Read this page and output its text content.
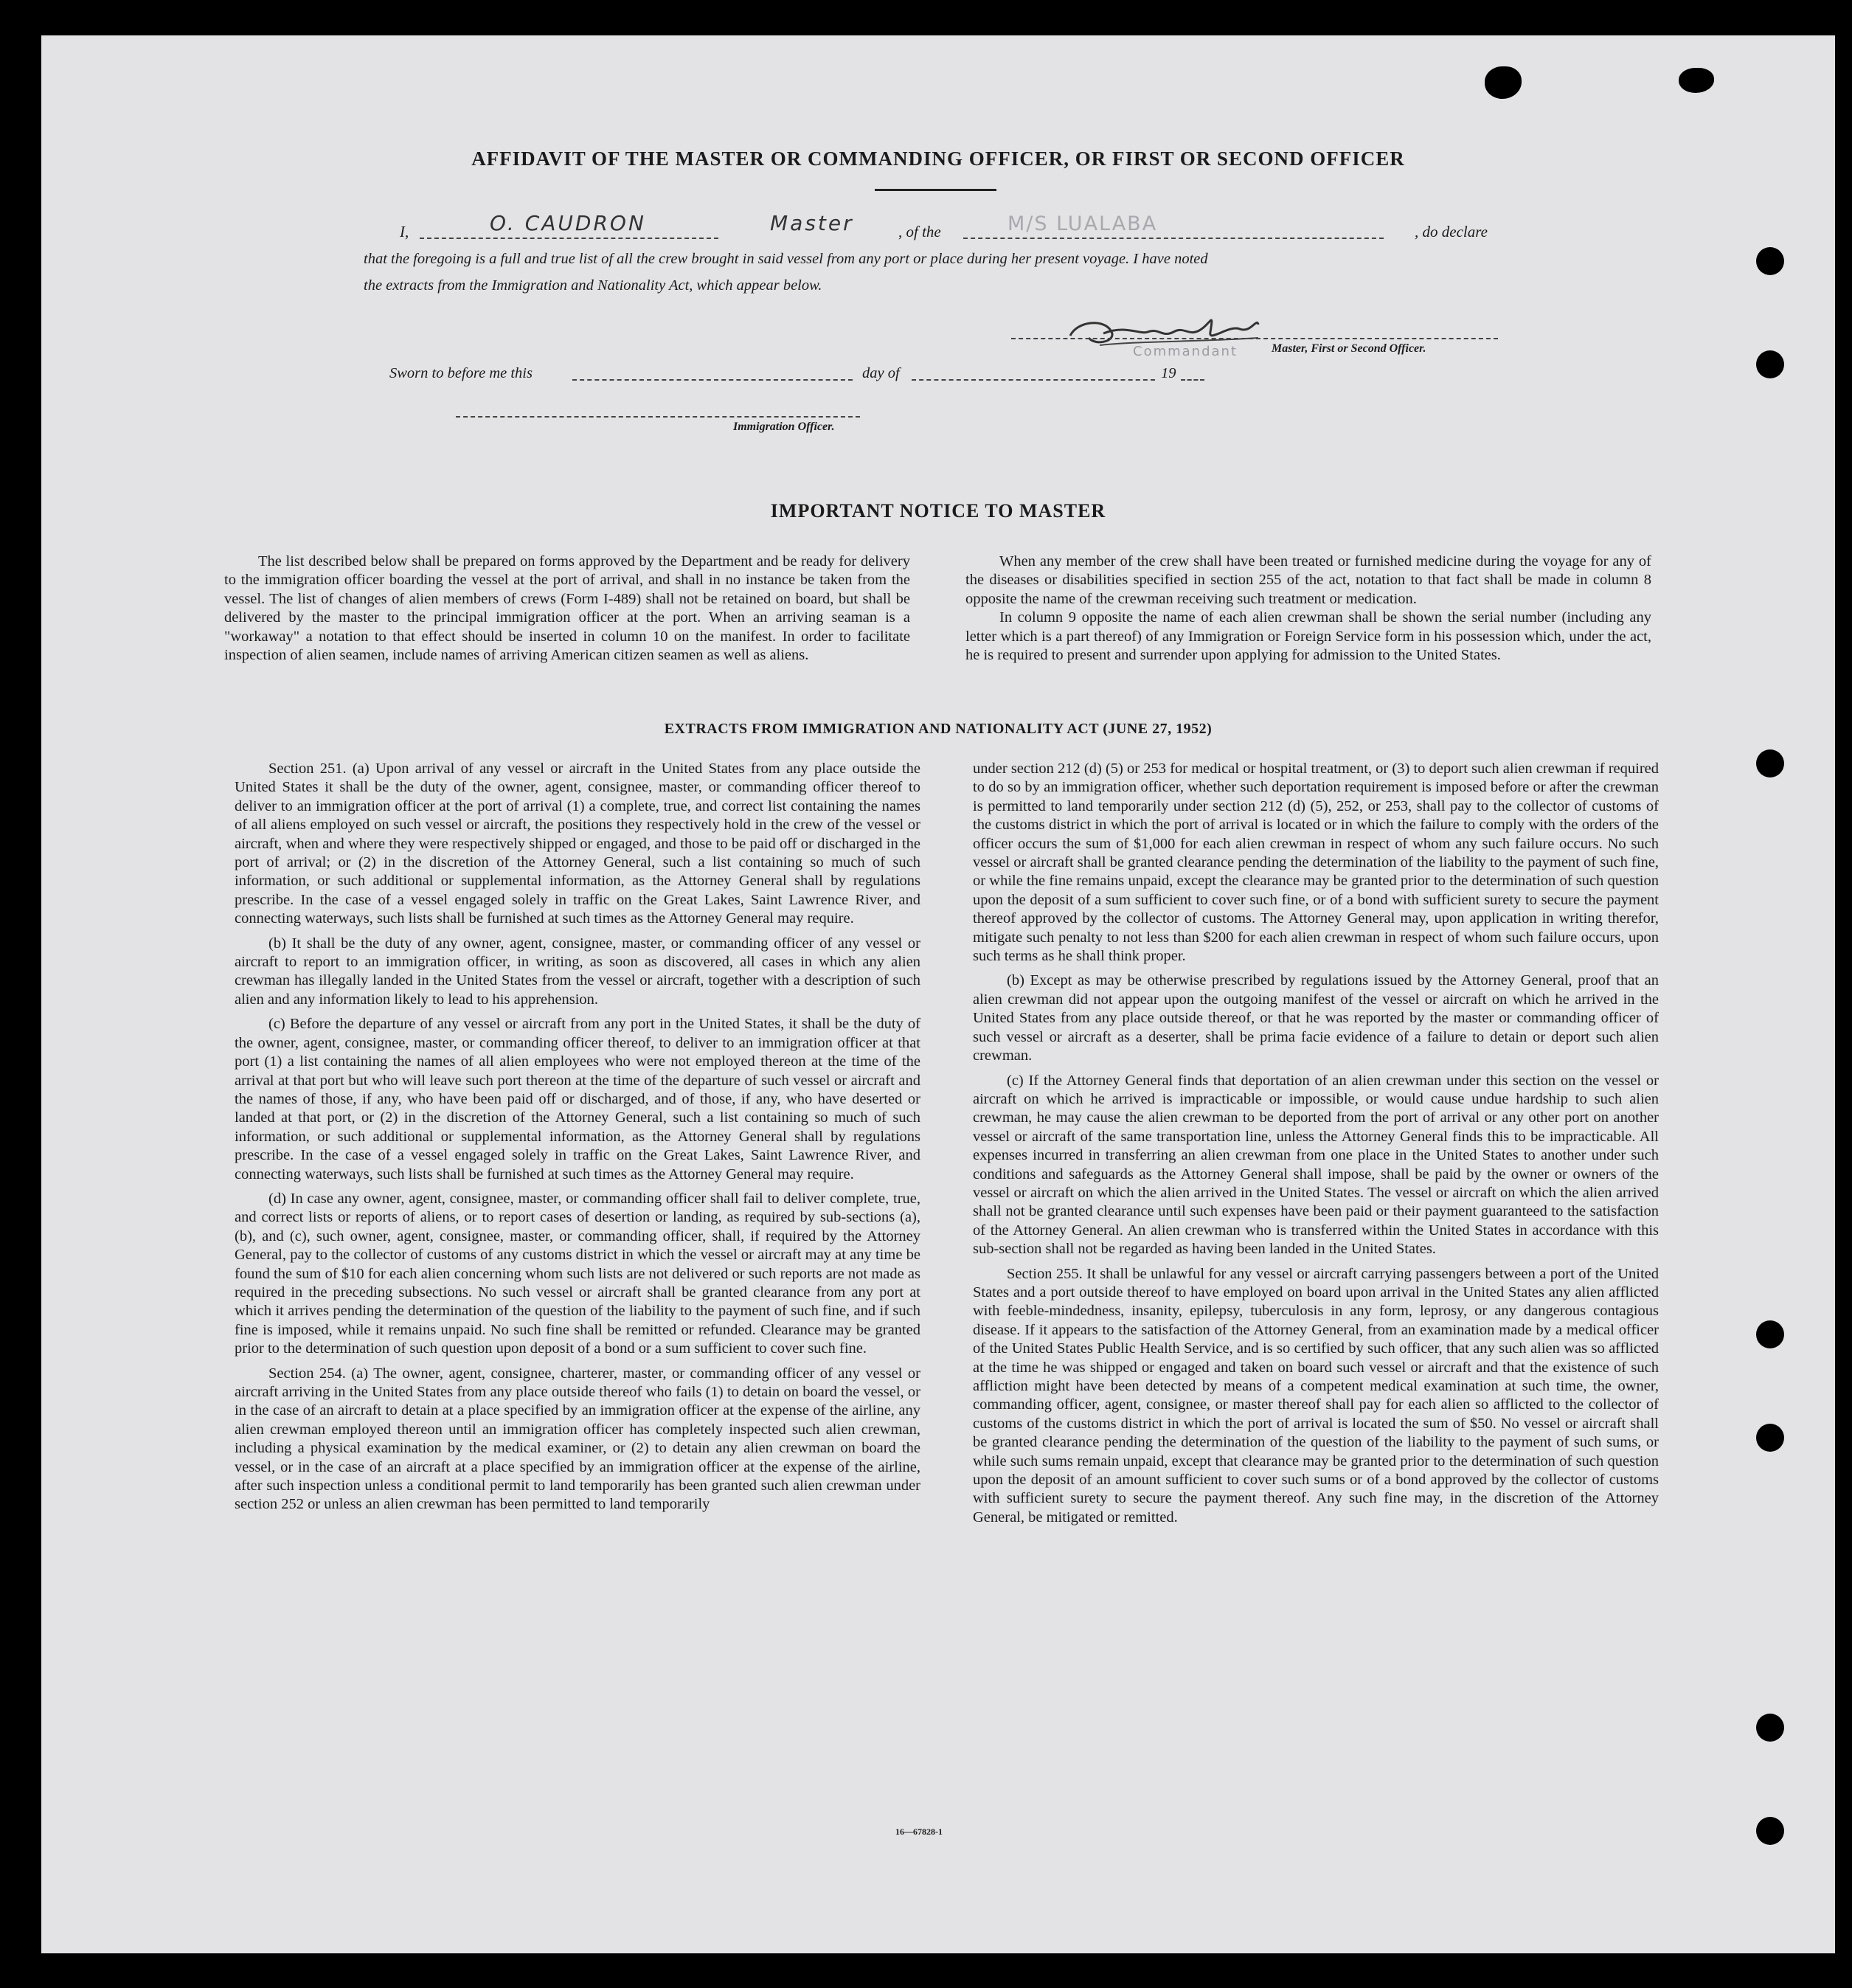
AFFIDAVIT OF THE MASTER OR COMMANDING OFFICER, OR FIRST OR SECOND OFFICER
I,	O. CAUDRON	Master	, of the	M/S LUALABA	, do declare
that the foregoing is a full and true list of all the crew brought in said vessel from any port or place during her present voyage. I have noted
the extracts from the Immigration and Nationality Act, which appear below.
Commandant	Master, First or Second Officer.
Sworn to before me this	day of	19
Immigration Officer.
IMPORTANT NOTICE TO MASTER

The list described below shall be prepared on forms approved by the Department and be ready for delivery to the immigration officer boarding the vessel at the port of arrival, and shall in no instance be taken from the vessel. The list of changes of alien members of crews (Form I-489) shall not be retained on board, but shall be delivered by the master to the principal immigration officer at the port. When an arriving seaman is a "workaway" a notation to that effect should be inserted in column 10 on the manifest. In order to facilitate inspection of alien seamen, include names of arriving American citizen seamen as well as aliens.

When any member of the crew shall have been treated or furnished medicine during the voyage for any of the diseases or disabilities specified in section 255 of the act, notation to that fact shall be made in column 8 opposite the name of the crewman receiving such treatment or medication.

In column 9 opposite the name of each alien crewman shall be shown the serial number (including any letter which is a part thereof) of any Immigration or Foreign Service form in his possession which, under the act, he is required to present and surrender upon applying for admission to the United States.

EXTRACTS FROM IMMIGRATION AND NATIONALITY ACT (JUNE 27, 1952)

Section 251. (a) Upon arrival of any vessel or aircraft in the United States from any place outside the United States it shall be the duty of the owner, agent, consignee, master, or commanding officer thereof to deliver to an immigration officer at the port of arrival (1) a complete, true, and correct list containing the names of all aliens employed on such vessel or aircraft, the positions they respectively hold in the crew of the vessel or aircraft, when and where they were respectively shipped or engaged, and those to be paid off or discharged in the port of arrival; or (2) in the discretion of the Attorney General, such a list containing so much of such information, or such additional or supplemental information, as the Attorney General shall by regulations prescribe. In the case of a vessel engaged solely in traffic on the Great Lakes, Saint Lawrence River, and connecting waterways, such lists shall be furnished at such times as the Attorney General may require.

(b) It shall be the duty of any owner, agent, consignee, master, or commanding officer of any vessel or aircraft to report to an immigration officer, in writing, as soon as discovered, all cases in which any alien crewman has illegally landed in the United States from the vessel or aircraft, together with a description of such alien and any information likely to lead to his apprehension.

(c) Before the departure of any vessel or aircraft from any port in the United States, it shall be the duty of the owner, agent, consignee, master, or commanding officer thereof, to deliver to an immigration officer at that port (1) a list containing the names of all alien employees who were not employed thereon at the time of the arrival at that port but who will leave such port thereon at the time of the departure of such vessel or aircraft and the names of those, if any, who have been paid off or discharged, and of those, if any, who have deserted or landed at that port, or (2) in the discretion of the Attorney General, such a list containing so much of such information, or such additional or supplemental information, as the Attorney General shall by regulations prescribe. In the case of a vessel engaged solely in traffic on the Great Lakes, Saint Lawrence River, and connecting waterways, such lists shall be furnished at such times as the Attorney General may require.

(d) In case any owner, agent, consignee, master, or commanding officer shall fail to deliver complete, true, and correct lists or reports of aliens, or to report cases of desertion or landing, as required by sub-sections (a), (b), and (c), such owner, agent, consignee, master, or commanding officer, shall, if required by the Attorney General, pay to the collector of customs of any customs district in which the vessel or aircraft may at any time be found the sum of $10 for each alien concerning whom such lists are not delivered or such reports are not made as required in the preceding subsections. No such vessel or aircraft shall be granted clearance from any port at which it arrives pending the determination of the question of the liability to the payment of such fine, and if such fine is imposed, while it remains unpaid. No such fine shall be remitted or refunded. Clearance may be granted prior to the determination of such question upon deposit of a bond or a sum sufficient to cover such fine.

Section 254. (a) The owner, agent, consignee, charterer, master, or commanding officer of any vessel or aircraft arriving in the United States from any place outside thereof who fails (1) to detain on board the vessel, or in the case of an aircraft to detain at a place specified by an immigration officer at the expense of the airline, any alien crewman employed thereon until an immigration officer has completely inspected such alien crewman, including a physical examination by the medical examiner, or (2) to detain any alien crewman on board the vessel, or in the case of an aircraft at a place specified by an immigration officer at the expense of the airline, after such inspection unless a conditional permit to land temporarily has been granted such alien crewman under section 252 or unless an alien crewman has been permitted to land temporarily

under section 212 (d) (5) or 253 for medical or hospital treatment, or (3) to deport such alien crewman if required to do so by an immigration officer, whether such deportation requirement is imposed before or after the crewman is permitted to land temporarily under section 212 (d) (5), 252, or 253, shall pay to the collector of customs of the customs district in which the port of arrival is located or in which the failure to comply with the orders of the officer occurs the sum of $1,000 for each alien crewman in respect of whom any such failure occurs. No such vessel or aircraft shall be granted clearance pending the determination of the liability to the payment of such fine, or while the fine remains unpaid, except the clearance may be granted prior to the determination of such question upon the deposit of a sum sufficient to cover such fine, or of a bond with sufficient surety to secure the payment thereof approved by the collector of customs. The Attorney General may, upon application in writing therefor, mitigate such penalty to not less than $200 for each alien crewman in respect of whom such failure occurs, upon such terms as he shall think proper.

(b) Except as may be otherwise prescribed by regulations issued by the Attorney General, proof that an alien crewman did not appear upon the outgoing manifest of the vessel or aircraft on which he arrived in the United States from any place outside thereof, or that he was reported by the master or commanding officer of such vessel or aircraft as a deserter, shall be prima facie evidence of a failure to detain or deport such alien crewman.

(c) If the Attorney General finds that deportation of an alien crewman under this section on the vessel or aircraft on which he arrived is impracticable or impossible, or would cause undue hardship to such alien crewman, he may cause the alien crewman to be deported from the port of arrival or any other port on another vessel or aircraft of the same transportation line, unless the Attorney General finds this to be impracticable. All expenses incurred in transferring an alien crewman from one place in the United States to another under such conditions and safeguards as the Attorney General shall impose, shall be paid by the owner or owners of the vessel or aircraft on which the alien arrived in the United States. The vessel or aircraft on which the alien arrived shall not be granted clearance until such expenses have been paid or their payment guaranteed to the satisfaction of the Attorney General. An alien crewman who is transferred within the United States in accordance with this sub-section shall not be regarded as having been landed in the United States.

Section 255. It shall be unlawful for any vessel or aircraft carrying passengers between a port of the United States and a port outside thereof to have employed on board upon arrival in the United States any alien afflicted with feeble-mindedness, insanity, epilepsy, tuberculosis in any form, leprosy, or any dangerous contagious disease. If it appears to the satisfaction of the Attorney General, from an examination made by a medical officer of the United States Public Health Service, and is so certified by such officer, that any such alien was so afflicted at the time he was shipped or engaged and taken on board such vessel or aircraft and that the existence of such affliction might have been detected by means of a competent medical examination at such time, the owner, commanding officer, agent, consignee, or master thereof shall pay for each alien so afflicted to the collector of customs of the customs district in which the port of arrival is located the sum of $50. No vessel or aircraft shall be granted clearance pending the determination of the question of the liability to the payment of such sums, or while such sums remain unpaid, except that clearance may be granted prior to the determination of such question upon the deposit of an amount sufficient to cover such sums or of a bond approved by the collector of customs with sufficient surety to secure the payment thereof. Any such fine may, in the discretion of the Attorney General, be mitigated or remitted.

16—67828-1
